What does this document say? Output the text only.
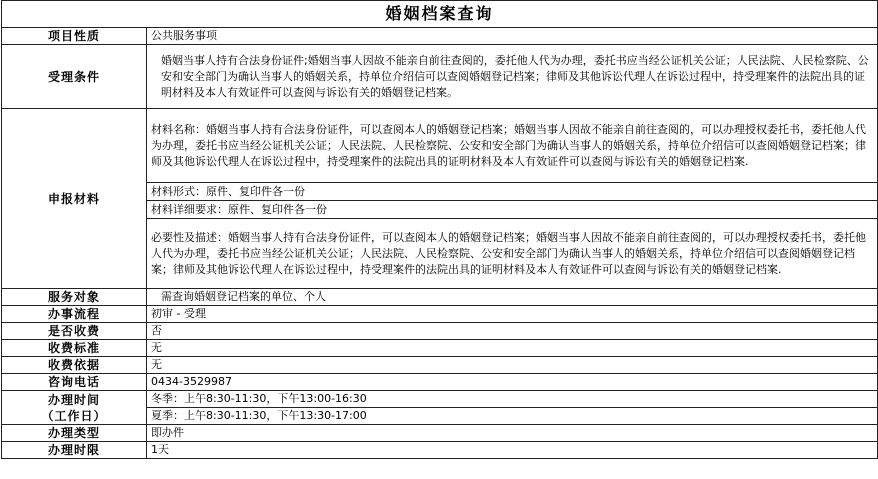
婚姻档案查询	
项目性质	公共服务事项
受理条件	婚姻当事人持有合法身份证件;婚姻当事人因故不能亲自前往查阅的，委托他人代为办理，委托书应当经公证机关公证；人民法院、人民检察院、公安和安全部门为确认当事人的婚姻关系，持单位介绍信可以查阅婚姻登记档案；律师及其他诉讼代理人在诉讼过程中，持受理案件的法院出具的证明材料及本人有效证件可以查阅与诉讼有关的婚姻登记档案。
申报材料	材料名称：婚姻当事人持有合法身份证件，可以查阅本人的婚姻登记档案；婚姻当事人因故不能亲自前往查阅的，可以办理授权委托书，委托他人代为办理，委托书应当经公证机关公证；人民法院、人民检察院、公安和安全部门为确认当事人的婚姻关系，持单位介绍信可以查阅婚姻登记档案；律师及其他诉讼代理人在诉讼过程中，持受理案件的法院出具的证明材料及本人有效证件可以查阅与诉讼有关的婚姻登记档案.
	材料形式：原件、复印件各一份
	材料详细要求：原件、复印件各一份
	必要性及描述：婚姻当事人持有合法身份证件，可以查阅本人的婚姻登记档案；婚姻当事人因故不能亲自前往查阅的，可以办理授权委托书，委托他人代为办理，委托书应当经公证机关公证；人民法院、人民检察院、公安和安全部门为确认当事人的婚姻关系，持单位介绍信可以查阅婚姻登记档案；律师及其他诉讼代理人在诉讼过程中，持受理案件的法院出具的证明材料及本人有效证件可以查阅与诉讼有关的婚姻登记档案.
服务对象	需查询婚姻登记档案的单位、个人
办事流程	初审 - 受理
是否收费	否
收费标准	无
收费依据	无
咨询电话	0434-3529987

办理时间
（工作日）	冬季：上午8:30-11:30，下午13:00-16:30
	夏季：上午8:30-11:30，下午13:30-17:00
办理类型	即办件
办理时限	1天
